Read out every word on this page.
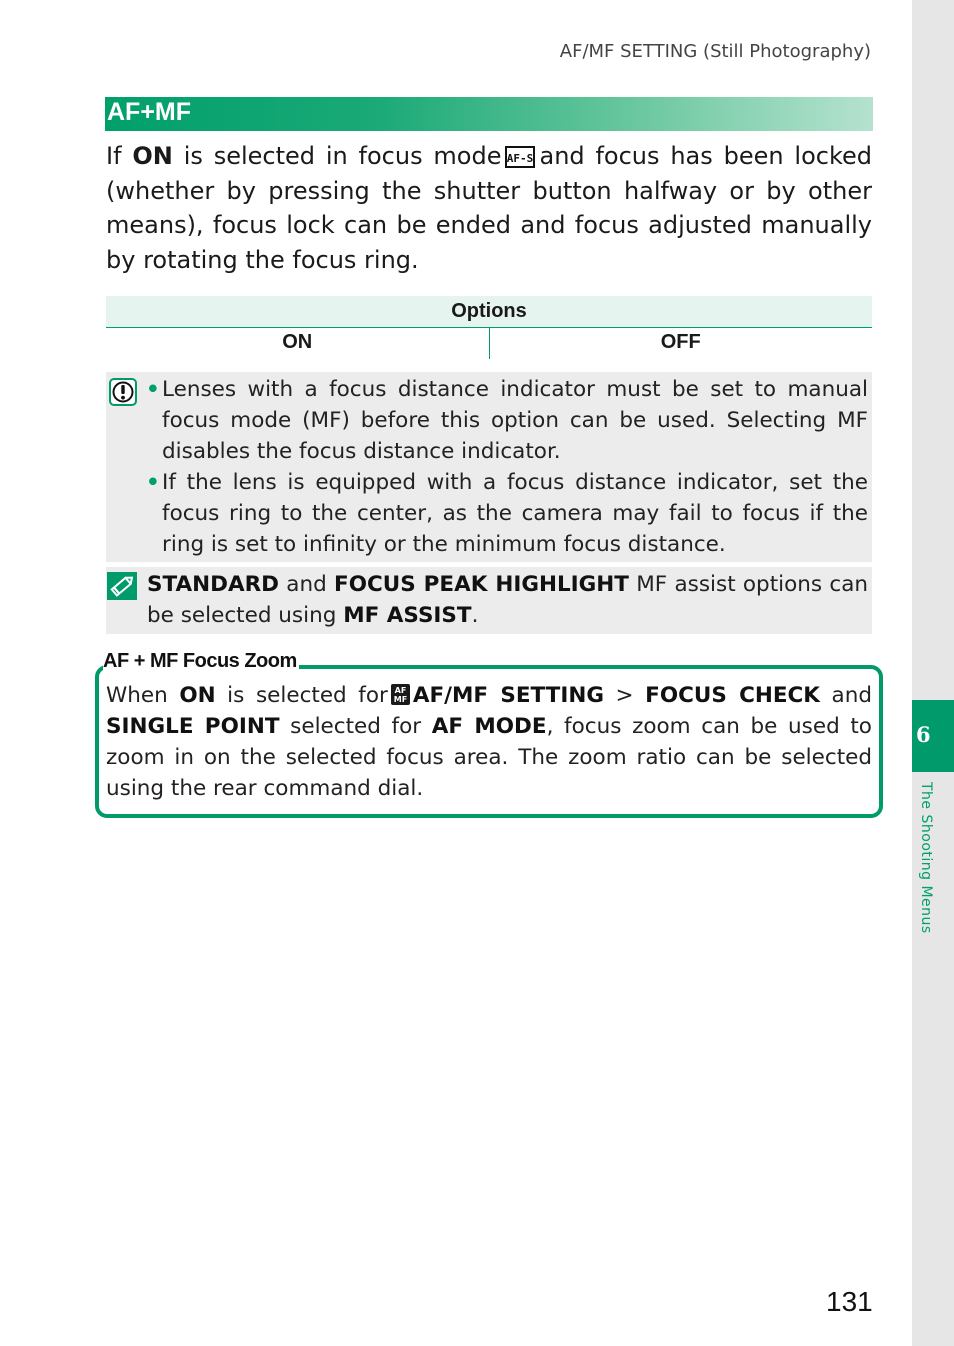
6
The Shooting Menus
AF/MF SETTING (Still Photography)
AF+MF

If ON is selected in focus mode AF-S and focus has been locked (whether by pressing the shutter button halfway or by other means), focus lock can be ended and focus adjusted manually by rotating the focus ring.

Options
ON	OFF
• Lenses with a focus distance indicator must be set to manual focus mode (MF) before this option can be used. Selecting MF disables the focus distance indicator.
• If the lens is equipped with a focus distance indicator, set the focus ring to the center, as the camera may fail to focus if the ring is set to infinity or the minimum focus distance.

STANDARD and FOCUS PEAK HIGHLIGHT MF assist options can be selected using MF ASSIST.

AF + MF Focus Zoom

When ON is selected for AF
MF AF/MF SETTING > FOCUS CHECK and SINGLE POINT selected for AF MODE, focus zoom can be used to zoom in on the selected focus area. The zoom ratio can be selected using the rear command dial.

131
